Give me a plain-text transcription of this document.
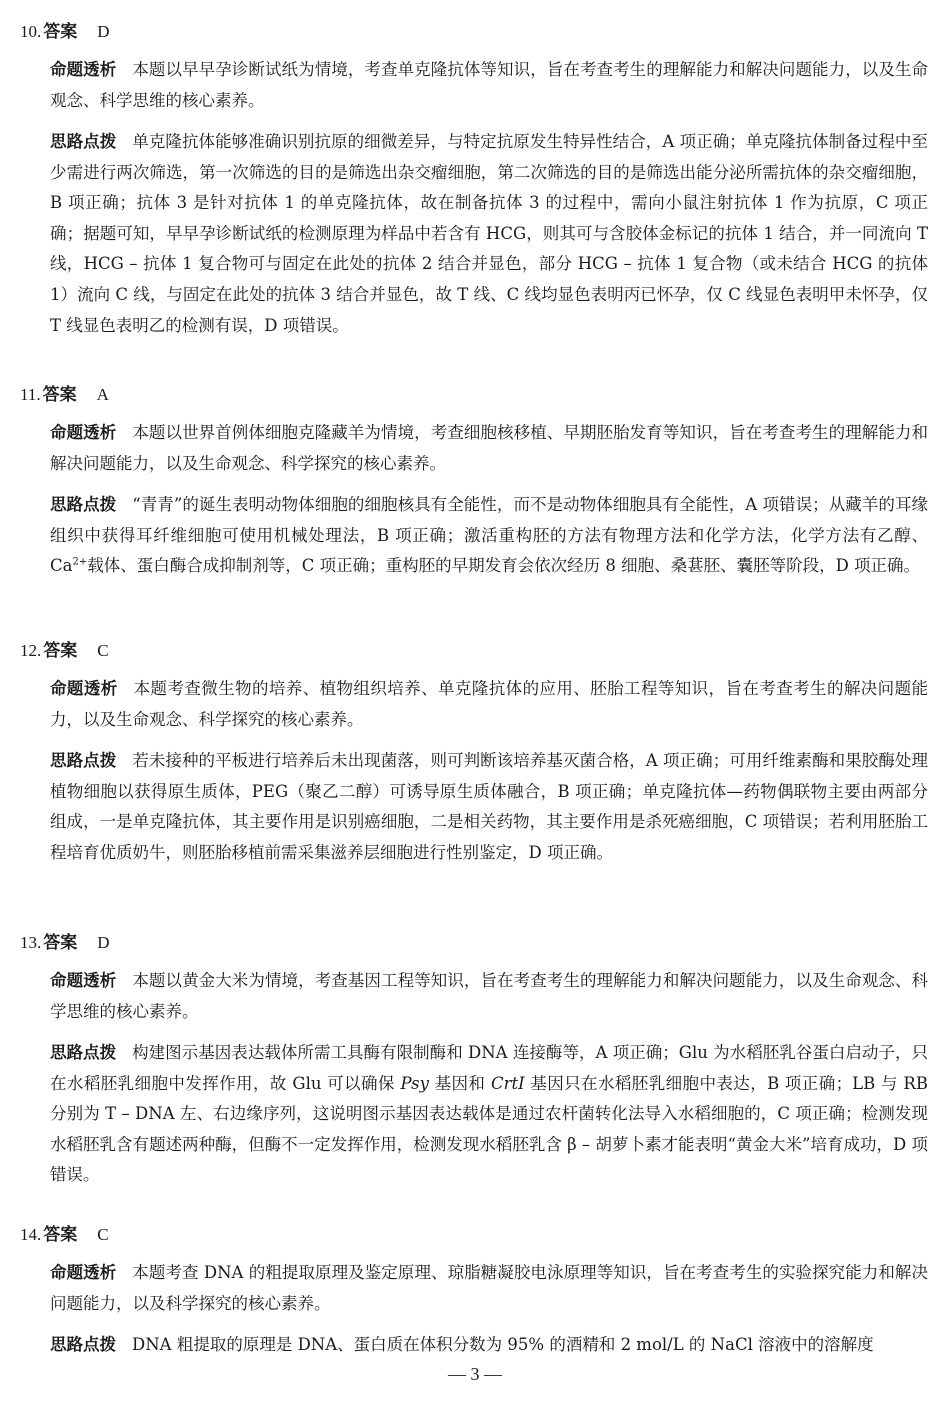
10. 答案 D
命题透析 本题以早早孕诊断试纸为情境，考查单克隆抗体等知识，旨在考查考生的理解能力和解决问题能力，以及生命观念、科学思维的核心素养。
思路点拨 单克隆抗体能够准确识别抗原的细微差异，与特定抗原发生特异性结合，A 项正确；单克隆抗体制备过程中至少需进行两次筛选，第一次筛选的目的是筛选出杂交瘤细胞，第二次筛选的目的是筛选出能分泌所需抗体的杂交瘤细胞，B 项正确；抗体 3 是针对抗体 1 的单克隆抗体，故在制备抗体 3 的过程中，需向小鼠注射抗体 1 作为抗原，C 项正确；据题可知，早早孕诊断试纸的检测原理为样品中若含有 HCG，则其可与含胶体金标记的抗体 1 结合，并一同流向 T 线，HCG – 抗体 1 复合物可与固定在此处的抗体 2 结合并显色，部分 HCG – 抗体 1 复合物（或未结合 HCG 的抗体 1）流向 C 线，与固定在此处的抗体 3 结合并显色，故 T 线、C 线均显色表明丙已怀孕，仅 C 线显色表明甲未怀孕，仅 T 线显色表明乙的检测有误，D 项错误。
11. 答案 A
命题透析 本题以世界首例体细胞克隆藏羊为情境，考查细胞核移植、早期胚胎发育等知识，旨在考查考生的理解能力和解决问题能力，以及生命观念、科学探究的核心素养。
思路点拨 “青青”的诞生表明动物体细胞的细胞核具有全能性，而不是动物体细胞具有全能性，A 项错误；从藏羊的耳缘组织中获得耳纤维细胞可使用机械处理法，B 项正确；激活重构胚的方法有物理方法和化学方法，化学方法有乙醇、$Ca^{2+}$载体、蛋白酶合成抑制剂等，C 项正确；重构胚的早期发育会依次经历 8 细胞、桑葚胚、囊胚等阶段，D 项正确。
12. 答案 C
命题透析 本题考查微生物的培养、植物组织培养、单克隆抗体的应用、胚胎工程等知识，旨在考查考生的解决问题能力，以及生命观念、科学探究的核心素养。
思路点拨 若未接种的平板进行培养后未出现菌落，则可判断该培养基灭菌合格，A 项正确；可用纤维素酶和果胶酶处理植物细胞以获得原生质体，PEG（聚乙二醇）可诱导原生质体融合，B 项正确；单克隆抗体—药物偶联物主要由两部分组成，一是单克隆抗体，其主要作用是识别癌细胞，二是相关药物，其主要作用是杀死癌细胞，C 项错误；若利用胚胎工程培育优质奶牛，则胚胎移植前需采集滋养层细胞进行性别鉴定，D 项正确。
13. 答案 D
命题透析 本题以黄金大米为情境，考查基因工程等知识，旨在考查考生的理解能力和解决问题能力，以及生命观念、科学思维的核心素养。
思路点拨 构建图示基因表达载体所需工具酶有限制酶和 DNA 连接酶等，A 项正确；Glu 为水稻胚乳谷蛋白启动子，只在水稻胚乳细胞中发挥作用，故 Glu 可以确保 Psy 基因和 CrtI 基因只在水稻胚乳细胞中表达，B 项正确；LB 与 RB 分别为 T – DNA 左、右边缘序列，这说明图示基因表达载体是通过农杆菌转化法导入水稻细胞的，C 项正确；检测发现水稻胚乳含有题述两种酶，但酶不一定发挥作用，检测发现水稻胚乳含 β – 胡萝卜素才能表明“黄金大米”培育成功，D 项错误。
14. 答案 C
命题透析 本题考查 DNA 的粗提取原理及鉴定原理、琼脂糖凝胶电泳原理等知识，旨在考查考生的实验探究能力和解决问题能力，以及科学探究的核心素养。
思路点拨 DNA 粗提取的原理是 DNA、蛋白质在体积分数为 95% 的酒精和 2 mol/L 的 NaCl 溶液中的溶解度
— 3 —
